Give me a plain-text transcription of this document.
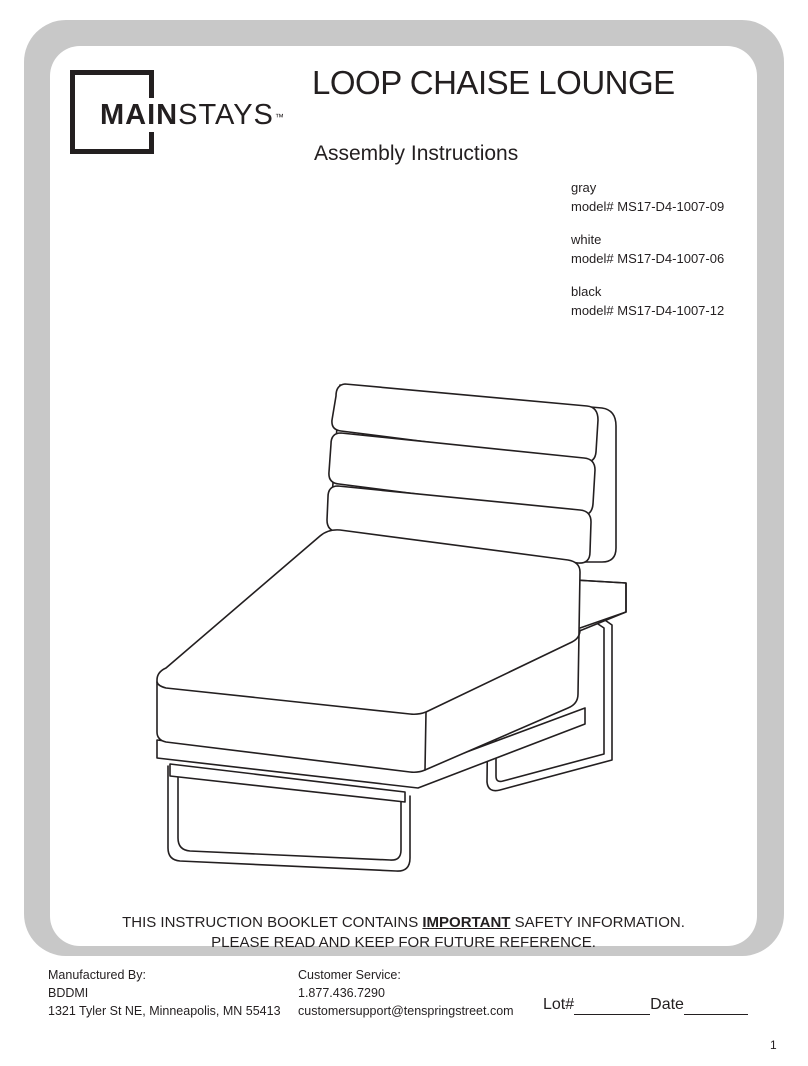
MAINSTAYS™
LOOP CHAISE LOUNGE
Assembly Instructions
gray
model# MS17-D4-1007-09
white
model# MS17-D4-1007-06
black
model# MS17-D4-1007-12
THIS INSTRUCTION BOOKLET CONTAINS IMPORTANT SAFETY INFORMATION.
PLEASE READ AND KEEP FOR FUTURE REFERENCE.
Manufactured By:
BDDMI
1321 Tyler St NE, Minneapolis, MN 55413
Customer Service:
1.877.436.7290
customersupport@tenspringstreet.com Lot#	Date
1
